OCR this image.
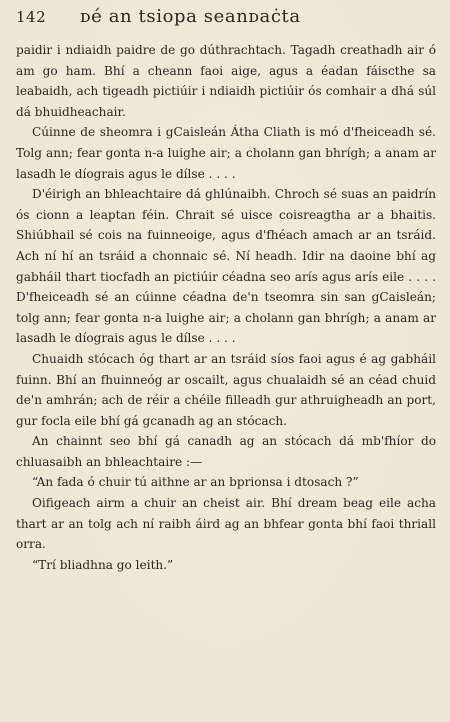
142	ᴅé an tsiopa seanᴅaċta

paidir i ndiaidh paidre de go dúthrachtach. Tagadh creathadh air ó am go ham. Bhí a cheann faoi aige, agus a éadan fáiscthe sa leabaidh, ach tigeadh pictiúir i ndiaidh pictiúir ós comhair a dhá súl dá bhuidheachair.

Cúinne de sheomra i gCaisleán Átha Cliath is mó d'fheiceadh sé. Tolg ann; fear gonta n-a luighe air; a cholann gan bhrígh; a anam ar lasadh le díograis agus le dílse . . . .

D'éirigh an bhleachtaire dá ghlúnaibh. Chroch sé suas an paidrín ós cionn a leaptan féin. Chrait sé uisce coisreagtha ar a bhaitis. Shiúbhail sé cois na fuinneoige, agus d'fhéach amach ar an tsráid. Ach ní hí an tsráid a chonnaic sé. Ní headh. Idir na daoine bhí ag gabháil thart tiocfadh an pictiúir céadna seo arís agus arís eile . . . . D'fheiceadh sé an cúinne céadna de'n tseomra sin san gCaisleán; tolg ann; fear gonta n-a luighe air; a cholann gan bhrígh; a anam ar lasadh le díograis agus le dílse . . . .

Chuaidh stócach óg thart ar an tsráid síos faoi agus é ag gabháil fuinn. Bhí an fhuinneóg ar oscailt, agus chualaidh sé an céad chuid de'n amhrán; ach de réir a chéile filleadh gur athruigheadh an port, gur focla eile bhí gá gcanadh ag an stócach.

An chainnt seo bhí gá canadh ag an stócach dá mb'fhíor do chluasaibh an bhleachtaire :—

“An fada ó chuir tú aithne ar an bprionsa i dtosach ?”

Oifigeach airm a chuir an cheist air. Bhí dream beag eile acha thart ar an tolg ach ní raibh áird ag an bhfear gonta bhí faoi thriall orra.

“Trí bliadhna go leith.”
